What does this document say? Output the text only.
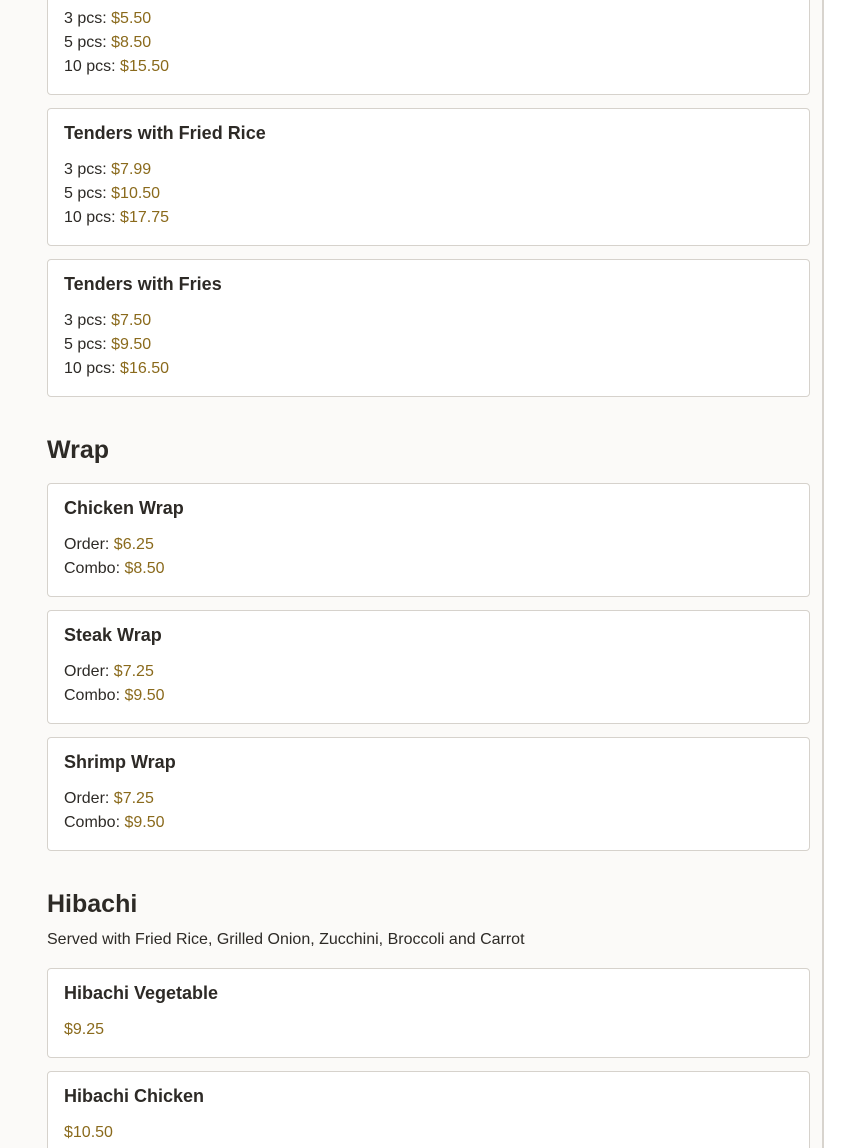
3 pcs: $5.50
5 pcs: $8.50
10 pcs: $15.50
Tenders with Fried Rice
3 pcs: $7.99
5 pcs: $10.50
10 pcs: $17.75
Tenders with Fries
3 pcs: $7.50
5 pcs: $9.50
10 pcs: $16.50
Wrap
Chicken Wrap
Order: $6.25
Combo: $8.50
Steak Wrap
Order: $7.25
Combo: $9.50
Shrimp Wrap
Order: $7.25
Combo: $9.50
Hibachi
Served with Fried Rice, Grilled Onion, Zucchini, Broccoli and Carrot
Hibachi Vegetable
$9.25
Hibachi Chicken
$10.50
